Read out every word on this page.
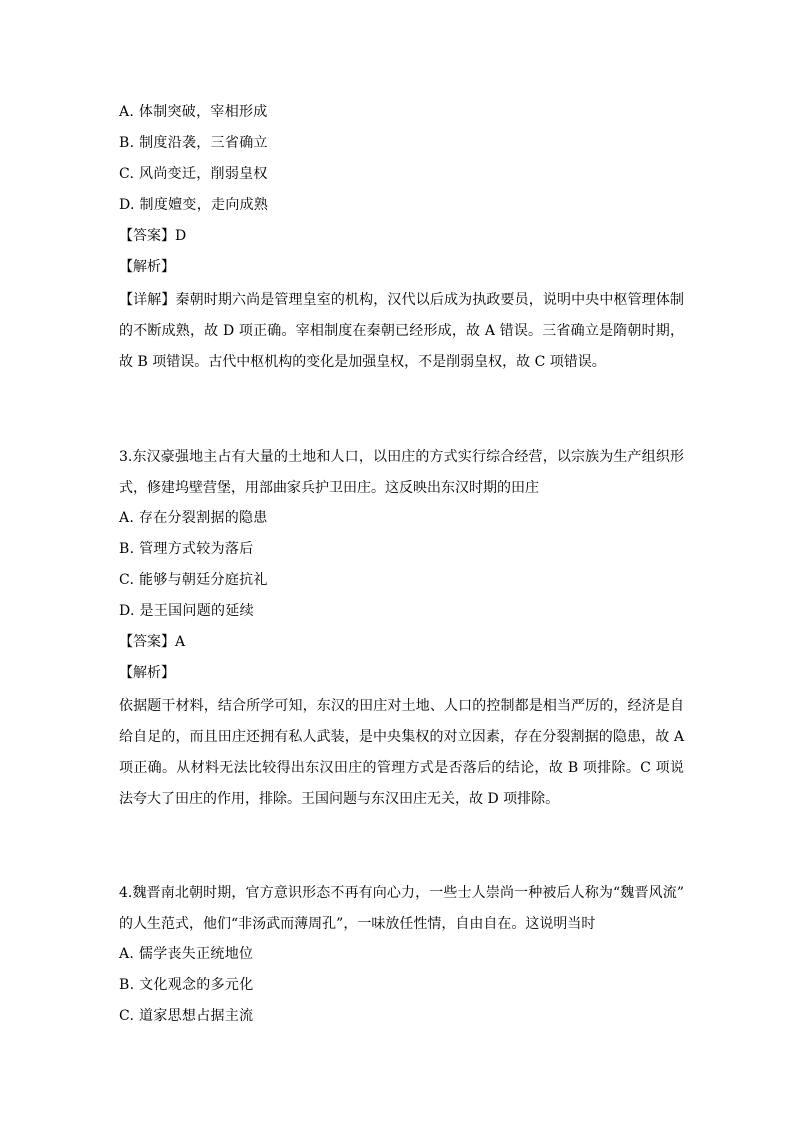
A. 体制突破，宰相形成
B. 制度沿袭，三省确立
C. 风尚变迁，削弱皇权
D. 制度嬗变，走向成熟
【答案】D
【解析】
【详解】秦朝时期六尚是管理皇室的机构，汉代以后成为执政要员，说明中央中枢管理体制
的不断成熟，故 D 项正确。宰相制度在秦朝已经形成，故 A 错误。三省确立是隋朝时期，
故 B 项错误。古代中枢机构的变化是加强皇权，不是削弱皇权，故 C 项错误。
3.东汉豪强地主占有大量的土地和人口，以田庄的方式实行综合经营，以宗族为生产组织形
式，修建坞壁营堡，用部曲家兵护卫田庄。这反映出东汉时期的田庄
A. 存在分裂割据的隐患
B. 管理方式较为落后
C. 能够与朝廷分庭抗礼
D. 是王国问题的延续
【答案】A
【解析】
依据题干材料，结合所学可知，东汉的田庄对土地、人口的控制都是相当严厉的，经济是自
给自足的，而且田庄还拥有私人武装，是中央集权的对立因素，存在分裂割据的隐患，故 A
项正确。从材料无法比较得出东汉田庄的管理方式是否落后的结论，故 B 项排除。C 项说
法夸大了田庄的作用，排除。王国问题与东汉田庄无关，故 D 项排除。
4.魏晋南北朝时期，官方意识形态不再有向心力，一些士人崇尚一种被后人称为“魏晋风流”
的人生范式，他们“非汤武而薄周孔”，一味放任性情，自由自在。这说明当时
A. 儒学丧失正统地位
B. 文化观念的多元化
C. 道家思想占据主流
